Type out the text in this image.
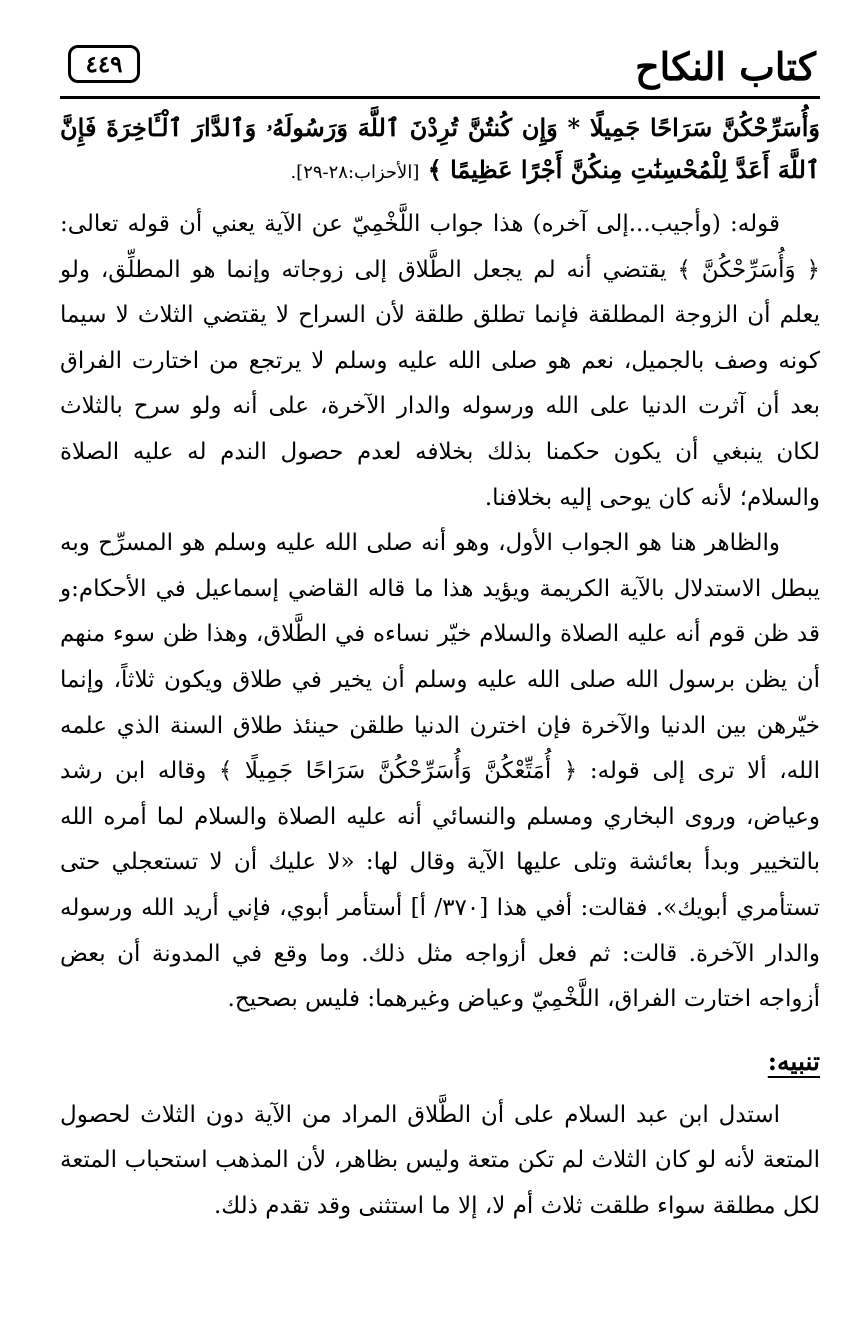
كتاب النكاح
٤٤٩
وَأُسَرِّحْكُنَّ سَرَاحًا جَمِيلًا * وَإِن كُنتُنَّ تُرِدْنَ ٱللَّهَ وَرَسُولَهُۥ وَٱلدَّارَ ٱلْـَٔاخِرَةَ فَإِنَّ ٱللَّهَ أَعَدَّ لِلْمُحْسِنَٰتِ مِنكُنَّ أَجْرًا عَظِيمًا ﴾ [الأحزاب:٢٨-٢٩].

قوله: (وأجيب...إلى آخره) هذا جواب اللَّخْمِيّ عن الآية يعني أن قوله تعالى: ﴿ وَأُسَرِّحْكُنَّ ﴾ يقتضي أنه لم يجعل الطَّلاق إلى زوجاته وإنما هو المطلِّق، ولو يعلم أن الزوجة المطلقة فإنما تطلق طلقة لأن السراح لا يقتضي الثلاث لا سيما كونه وصف بالجميل، نعم هو صلى الله عليه وسلم لا يرتجع من اختارت الفراق بعد أن آثرت الدنيا على الله ورسوله والدار الآخرة، على أنه ولو سرح بالثلاث لكان ينبغي أن يكون حكمنا بذلك بخلافه لعدم حصول الندم له عليه الصلاة والسلام؛ لأنه كان يوحى إليه بخلافنا.

والظاهر هنا هو الجواب الأول، وهو أنه صلى الله عليه وسلم هو المسرِّح وبه يبطل الاستدلال بالآية الكريمة ويؤيد هذا ما قاله القاضي إسماعيل في الأحكام:و قد ظن قوم أنه عليه الصلاة والسلام خيّر نساءه في الطَّلاق، وهذا ظن سوء منهم أن يظن برسول الله صلى الله عليه وسلم أن يخير في طلاق ويكون ثلاثاً، وإنما خيّرهن بين الدنيا والآخرة فإن اخترن الدنيا طلقن حينئذ طلاق السنة الذي علمه الله، ألا ترى إلى قوله: ﴿ أُمَتِّعْكُنَّ وَأُسَرِّحْكُنَّ سَرَاحًا جَمِيلًا ﴾ وقاله ابن رشد وعياض، وروى البخاري ومسلم والنسائي أنه عليه الصلاة والسلام لما أمره الله بالتخيير وبدأ بعائشة وتلى عليها الآية وقال لها: «لا عليك أن لا تستعجلي حتى تستأمري أبويك». فقالت: أفي هذا [٣٧٠/ أ] أستأمر أبوي، فإني أريد الله ورسوله والدار الآخرة. قالت: ثم فعل أزواجه مثل ذلك. وما وقع في المدونة أن بعض أزواجه اختارت الفراق، اللَّخْمِيّ وعياض وغيرهما: فليس بصحيح.

تنبيه:

استدل ابن عبد السلام على أن الطَّلاق المراد من الآية دون الثلاث لحصول المتعة لأنه لو كان الثلاث لم تكن متعة وليس بظاهر، لأن المذهب استحباب المتعة لكل مطلقة سواء طلقت ثلاث أم لا، إلا ما استثنى وقد تقدم ذلك.
